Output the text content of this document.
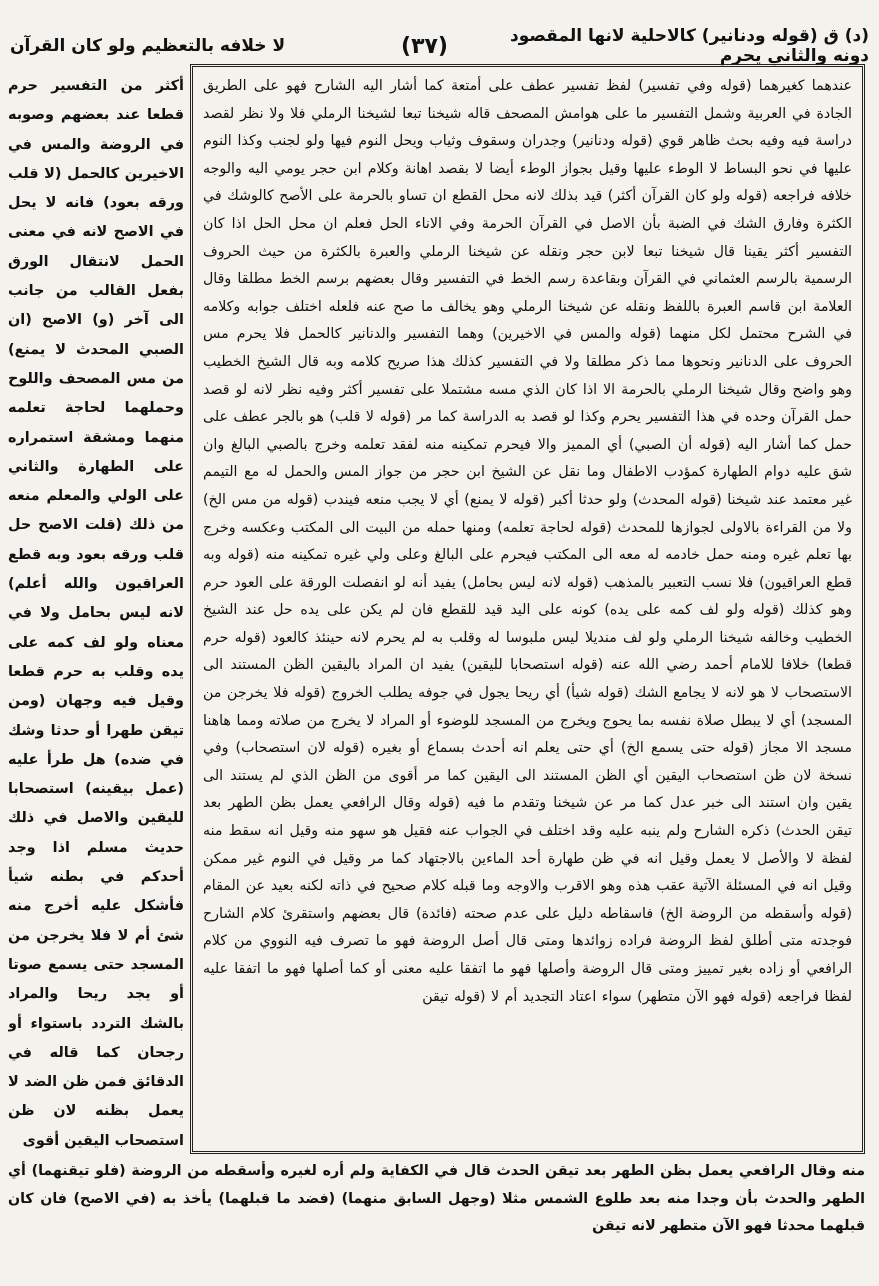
(د) ق (قوله ودنانير) كالاحلية لانها المقصود دونه والثاني يحرم
(٣٧)
لا خلافه بالتعظيم ولو كان القرآن
عندهما كغيرهما (قوله وفي تفسير) لفظ تفسير عطف على أمتعة كما أشار اليه الشارح فهو على الطريق الجادة في العربية وشمل التفسير ما على هوامش المصحف قاله شيخنا تبعا لشيخنا الرملي فلا ولا نظر لقصد دراسة فيه وفيه بحث ظاهر قوي (قوله ودنانير) وجدران وسقوف وثياب ويحل النوم فيها ولو لجنب وكذا النوم عليها في نحو البساط لا الوطء عليها وقيل بجواز الوطء أيضا لا بقصد اهانة وكلام ابن حجر يومي اليه والوجه خلافه فراجعه (قوله ولو كان القرآن أكثر) قيد بذلك لانه محل القطع ان تساو بالحرمة على الأصح كالوشك في الكثرة وفارق الشك في الضبة بأن الاصل في القرآن الحرمة وفي الاناء الحل فعلم ان محل الحل اذا كان التفسير أكثر يقينا قال شيخنا تبعا لابن حجر ونقله عن شيخنا الرملي والعبرة بالكثرة من حيث الحروف الرسمية بالرسم العثماني في القرآن وبقاعدة رسم الخط في التفسير وقال بعضهم برسم الخط مطلقا وقال العلامة ابن قاسم العبرة باللفظ ونقله عن شيخنا الرملي وهو يخالف ما صح عنه فلعله اختلف جوابه وكلامه في الشرح محتمل لكل منهما (قوله والمس في الاخيرين) وهما التفسير والدنانير كالحمل فلا يحرم مس الحروف على الدنانير ونحوها مما ذكر مطلقا ولا في التفسير كذلك هذا صريح كلامه وبه قال الشيخ الخطيب وهو واضح وقال شيخنا الرملي بالحرمة الا اذا كان الذي مسه مشتملا على تفسير أكثر وفيه نظر لانه لو قصد حمل القرآن وحده في هذا التفسير يحرم وكذا لو قصد به الدراسة كما مر (قوله لا قلب) هو بالجر عطف على حمل كما أشار اليه (قوله أن الصبي) أي المميز والا فيحرم تمكينه منه لفقد تعلمه وخرج بالصبي البالغ وان شق عليه دوام الطهارة كمؤدب الاطفال وما نقل عن الشيخ ابن حجر من جواز المس والحمل له مع التيمم غير معتمد عند شيخنا (قوله المحدث) ولو حدثا أكبر (قوله لا يمنع) أي لا يجب منعه فيندب (قوله من مس الخ) ولا من القراءة بالاولى لجوازها للمحدث (قوله لحاجة تعلمه) ومنها حمله من البيت الى المكتب وعكسه وخرج بها تعلم غيره ومنه حمل خادمه له معه الى المكتب فيحرم على البالغ وعلى ولي غيره تمكينه منه (قوله وبه قطع العراقيون) فلا نسب التعبير بالمذهب (قوله لانه ليس بحامل) يفيد أنه لو انفصلت الورقة على العود حرم وهو كذلك (قوله ولو لف كمه على يده) كونه على اليد قيد للقطع فان لم يكن على يده حل عند الشيخ الخطيب وخالفه شيخنا الرملي ولو لف منديلا ليس ملبوسا له وقلب به لم يحرم لانه حينئذ كالعود (قوله حرم قطعا) خلافا للامام أحمد رضي الله عنه (قوله استصحابا لليقين) يفيد ان المراد باليقين الظن المستند الى الاستصحاب لا هو لانه لا يجامع الشك (قوله شيأ) أي ريحا يجول في جوفه يطلب الخروج (قوله فلا يخرجن من المسجد) أي لا يبطل صلاة نفسه بما يحوج ويخرج من المسجد للوضوء أو المراد لا يخرج من صلاته ومما هاهنا مسجد الا مجاز (قوله حتى يسمع الخ) أي حتى يعلم انه أحدث بسماع أو بغيره (قوله لان استصحاب) وفي نسخة لان ظن استصحاب اليقين أي الظن المستند الى اليقين كما مر أقوى من الظن الذي لم يستند الى يقين وان استند الى خبر عدل كما مر عن شيخنا وتقدم ما فيه (قوله وقال الرافعي يعمل بظن الطهر بعد تيقن الحدث) ذكره الشارح ولم ينبه عليه وقد اختلف في الجواب عنه فقيل هو سهو منه وقيل انه سقط منه لفظة لا والأصل لا يعمل وقيل انه في ظن طهارة أحد الماءين بالاجتهاد كما مر وقيل في النوم غير ممكن وقيل انه في المسئلة الآتية عقب هذه وهو الاقرب والاوجه وما قبله كلام صحيح في ذاته لكنه بعيد عن المقام (قوله وأسقطه من الروضة الخ) فاسقاطه دليل على عدم صحته (فائدة) قال بعضهم واستقرئ كلام الشارح فوجدته متى أطلق لفظ الروضة فراده زوائدها ومتى قال أصل الروضة فهو ما تصرف فيه النووي من كلام الرافعي أو زاده بغير تمييز ومتى قال الروضة وأصلها فهو ما اتفقا عليه معنى أو كما أصلها فهو ما اتفقا عليه لفظا فراجعه (قوله فهو الآن متطهر) سواء اعتاد التجديد أم لا (قوله تيقن
أكثر من التفسير حرم قطعا عند بعضهم وصوبه في الروضة والمس في الاخيرين كالحمل (لا قلب ورقه بعود) فانه لا يحل في الاصح لانه في معنى الحمل لانتقال الورق بفعل القالب من جانب الى آخر (و) الاصح (ان الصبي المحدث لا يمنع) من مس المصحف واللوح وحملهما لحاجة تعلمه منهما ومشقة استمراره على الطهارة والثاني على الولي والمعلم منعه من ذلك (قلت الاصح حل قلب ورقه بعود وبه قطع العراقيون والله أعلم) لانه ليس بحامل ولا في معناه ولو لف كمه على يده وقلب به حرم قطعا وقيل فيه وجهان (ومن تيقن طهرا أو حدثا وشك في ضده) هل طرأ عليه (عمل بيقينه) استصحابا لليقين والاصل في ذلك حديث مسلم اذا وجد أحدكم في بطنه شيأ فأشكل عليه أخرج منه شئ أم لا فلا يخرجن من المسجد حتى يسمع صوتا أو يجد ريحا والمراد بالشك التردد باستواء أو رجحان كما قاله في الدقائق فمن ظن الضد لا يعمل بظنه لان ظن استصحاب اليقين أقوى
منه وقال الرافعي يعمل بظن الطهر بعد تيقن الحدث قال في الكفاية ولم أره لغيره وأسقطه من الروضة (فلو تيقنهما) أي الطهر والحدث بأن وجدا منه بعد طلوع الشمس مثلا (وجهل السابق منهما) (فضد ما قبلهما) يأخذ به (في الاصح) فان كان قبلهما محدثا فهو الآن متطهر لانه تيقن
